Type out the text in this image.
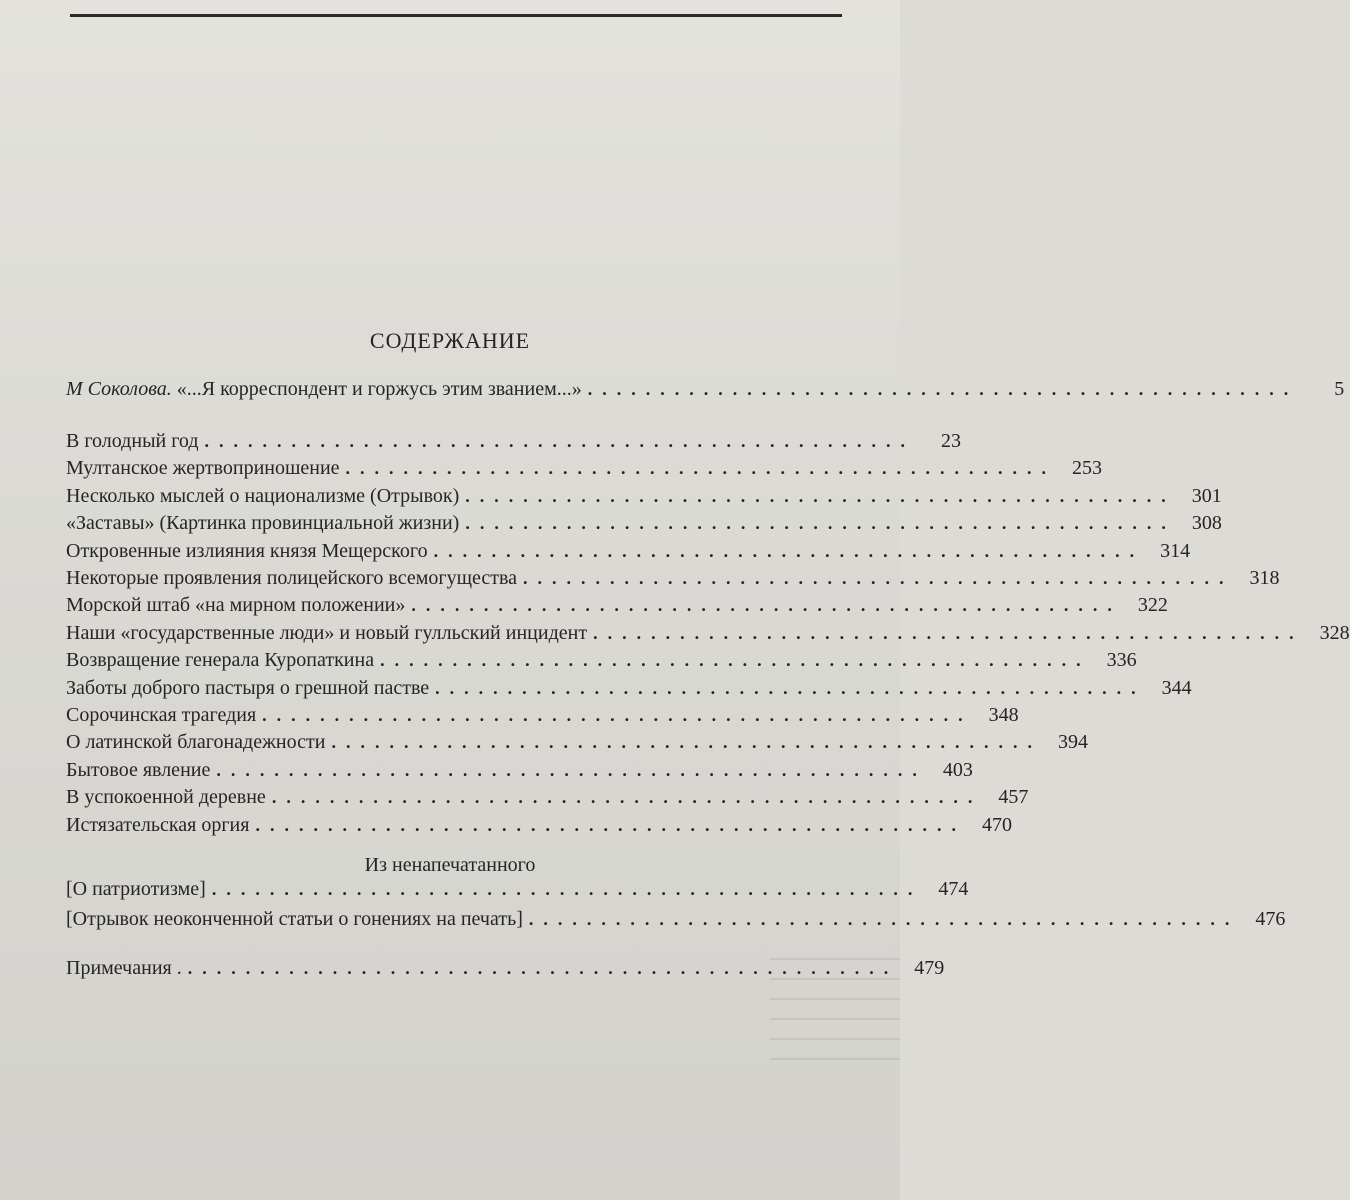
СОДЕРЖАНИЕ
М Соколова. «...Я корреспондент и горжусь этим званием...» .................................................	5
В голодный год .................................................	23
Мултанское жертвоприношение ................................................. 253
Несколько мыслей о национализме (Отрывок) ................................................. 301
«Заставы» (Картинка провинциальной жизни) ................................................. 308
Откровенные излияния князя Мещерского ................................................. 314
Некоторые проявления полицейского всемогущества ................................................. 318
Морской штаб «на мирном положении» ................................................. 322
Наши «государственные люди» и новый гулльский инцидент ................................................. 328
Возвращение генерала Куропаткина ................................................. 336
Заботы доброго пастыря о грешной пастве ................................................. 344
Сорочинская трагедия ................................................. 348
О латинской благонадежности ................................................. 394
Бытовое явление ................................................. 403
В успокоенной деревне ................................................. 457
Истязательская оргия ................................................. 470
Из ненапечатанного
[О патриотизме] ................................................. 474
[Отрывок неоконченной статьи о гонениях на печать] ................................................. 476
Примечания . ................................................. 479
